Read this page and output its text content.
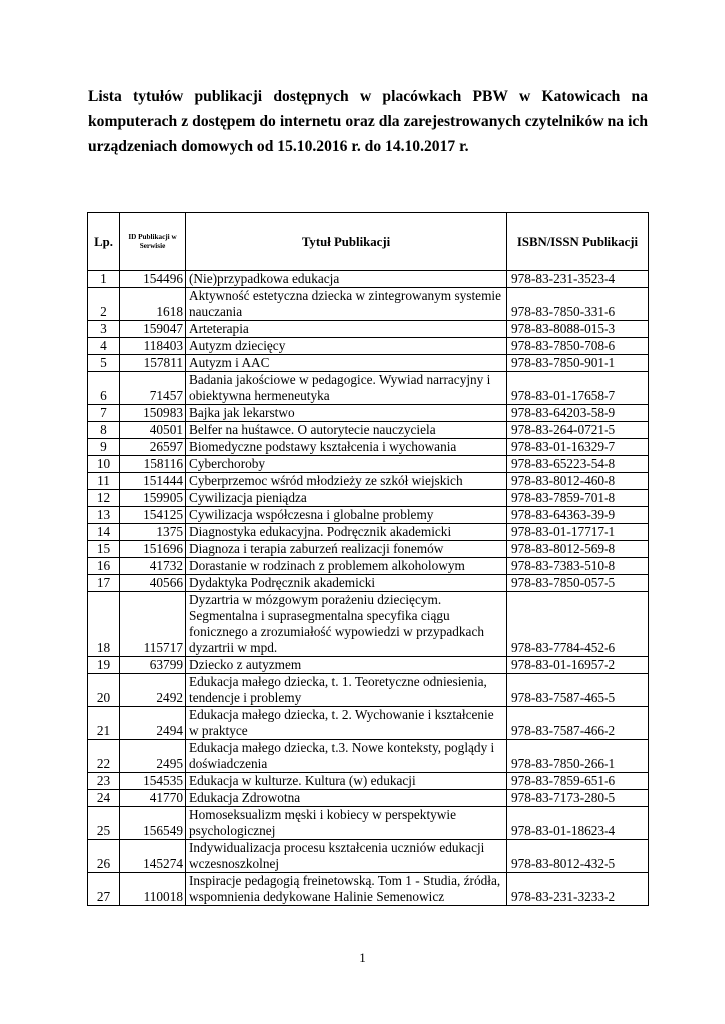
Lista tytułów publikacji dostępnych w placówkach PBW w Katowicach na komputerach z dostępem do internetu oraz dla zarejestrowanych czytelników na ich urządzeniach domowych od 15.10.2016 r. do 14.10.2017 r.

Lp.	ID Publikacji w Serwisie	Tytuł Publikacji	ISBN/ISSN Publikacji
1	154496	(Nie)przypadkowa edukacja	978-83-231-3523-4
2	1618	Aktywność estetyczna dziecka w zintegrowanym systemie nauczania	978-83-7850-331-6
3	159047	Arteterapia	978-83-8088-015-3
4	118403	Autyzm dziecięcy	978-83-7850-708-6
5	157811	Autyzm i AAC	978-83-7850-901-1
6	71457	Badania jakościowe w pedagogice. Wywiad narracyjny i obiektywna hermeneutyka	978-83-01-17658-7
7	150983	Bajka jak lekarstwo	978-83-64203-58-9
8	40501	Belfer na huśtawce. O autorytecie nauczyciela	978-83-264-0721-5
9	26597	Biomedyczne podstawy kształcenia i wychowania	978-83-01-16329-7
10	158116	Cyberchoroby	978-83-65223-54-8
11	151444	Cyberprzemoc wśród młodzieży ze szkół wiejskich	978-83-8012-460-8
12	159905	Cywilizacja pieniądza	978-83-7859-701-8
13	154125	Cywilizacja współczesna i globalne problemy	978-83-64363-39-9
14	1375	Diagnostyka edukacyjna. Podręcznik akademicki	978-83-01-17717-1
15	151696	Diagnoza i terapia zaburzeń realizacji fonemów	978-83-8012-569-8
16	41732	Dorastanie w rodzinach z problemem alkoholowym	978-83-7383-510-8
17	40566	Dydaktyka Podręcznik akademicki	978-83-7850-057-5
18	115717	Dyzartria w mózgowym porażeniu dziecięcym. Segmentalna i suprasegmentalna specyfika ciągu fonicznego a zrozumiałość wypowiedzi w przypadkach dyzartrii w mpd.	978-83-7784-452-6
19	63799	Dziecko z autyzmem	978-83-01-16957-2
20	2492	Edukacja małego dziecka, t. 1. Teoretyczne odniesienia, tendencje i problemy	978-83-7587-465-5
21	2494	Edukacja małego dziecka, t. 2. Wychowanie i kształcenie w praktyce	978-83-7587-466-2
22	2495	Edukacja małego dziecka, t.3. Nowe konteksty, poglądy i doświadczenia	978-83-7850-266-1
23	154535	Edukacja w kulturze. Kultura (w) edukacji	978-83-7859-651-6
24	41770	Edukacja Zdrowotna	978-83-7173-280-5
25	156549	Homoseksualizm męski i kobiecy w perspektywie psychologicznej	978-83-01-18623-4
26	145274	Indywidualizacja procesu kształcenia uczniów edukacji wczesnoszkolnej	978-83-8012-432-5
27	110018	Inspiracje pedagogią freinetowską. Tom 1 - Studia, źródła, wspomnienia dedykowane Halinie Semenowicz	978-83-231-3233-2
1
